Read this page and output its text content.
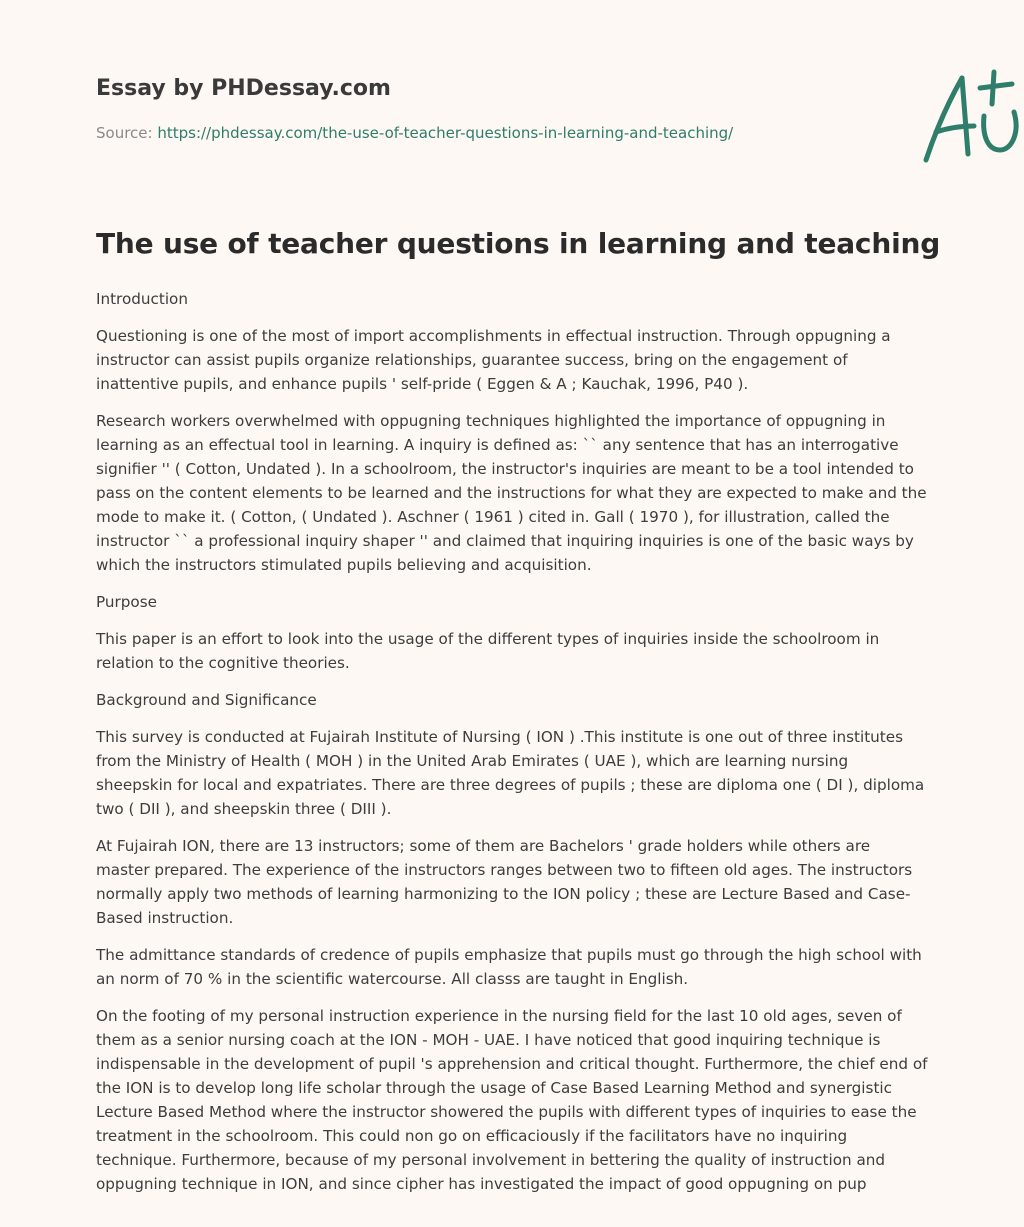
Essay by PHDessay.com
Source: https://phdessay.com/the-use-of-teacher-questions-in-learning-and-teaching/
The use of teacher questions in learning and teaching

Introduction

Questioning is one of the most of import accomplishments in effectual instruction. Through oppugning a instructor can assist pupils organize relationships, guarantee success, bring on the engagement of inattentive pupils, and enhance pupils ' self-pride ( Eggen & A ; Kauchak, 1996, P40 ).

Research workers overwhelmed with oppugning techniques highlighted the importance of oppugning in learning as an effectual tool in learning. A inquiry is defined as: `` any sentence that has an interrogative signifier '' ( Cotton, Undated ). In a schoolroom, the instructor's inquiries are meant to be a tool intended to pass on the content elements to be learned and the instructions for what they are expected to make and the mode to make it. ( Cotton, ( Undated ). Aschner ( 1961 ) cited in. Gall ( 1970 ), for illustration, called the instructor `` a professional inquiry shaper '' and claimed that inquiring inquiries is one of the basic ways by which the instructors stimulated pupils believing and acquisition.

Purpose

This paper is an effort to look into the usage of the different types of inquiries inside the schoolroom in relation to the cognitive theories.

Background and Significance

This survey is conducted at Fujairah Institute of Nursing ( ION ) .This institute is one out of three institutes from the Ministry of Health ( MOH ) in the United Arab Emirates ( UAE ), which are learning nursing sheepskin for local and expatriates. There are three degrees of pupils ; these are diploma one ( DI ), diploma two ( DII ), and sheepskin three ( DIII ).

At Fujairah ION, there are 13 instructors; some of them are Bachelors ' grade holders while others are master prepared. The experience of the instructors ranges between two to fifteen old ages. The instructors normally apply two methods of learning harmonizing to the ION policy ; these are Lecture Based and Case-Based instruction.

The admittance standards of credence of pupils emphasize that pupils must go through the high school with an norm of 70 % in the scientific watercourse. All classs are taught in English.

On the footing of my personal instruction experience in the nursing field for the last 10 old ages, seven of them as a senior nursing coach at the ION - MOH - UAE. I have noticed that good inquiring technique is indispensable in the development of pupil 's apprehension and critical thought. Furthermore, the chief end of the ION is to develop long life scholar through the usage of Case Based Learning Method and synergistic Lecture Based Method where the instructor showered the pupils with different types of inquiries to ease the treatment in the schoolroom. This could non go on efficaciously if the facilitators have no inquiring technique. Furthermore, because of my personal involvement in bettering the quality of instruction and oppugning technique in ION, and since cipher has investigated the impact of good oppugning on pup
